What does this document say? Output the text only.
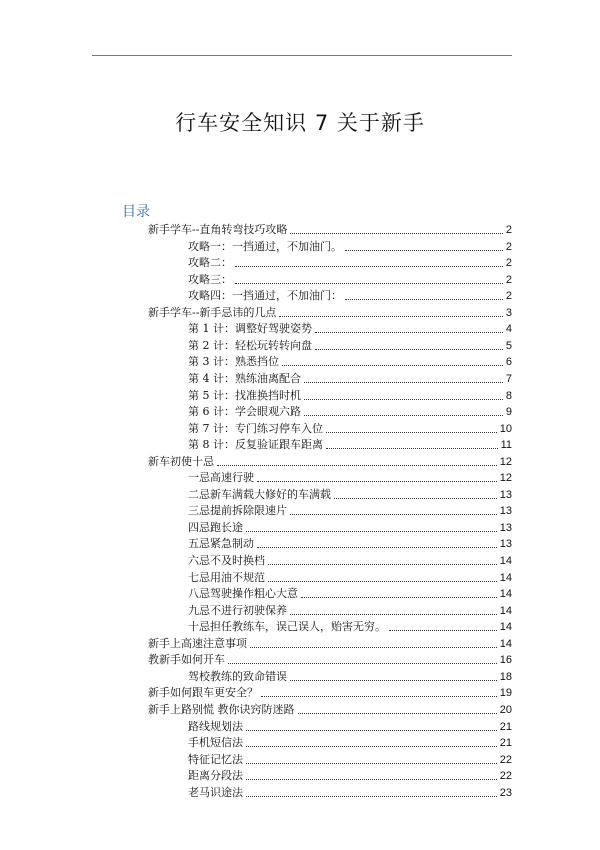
行车安全知识 7 关于新手
目录
新手学车--直角转弯技巧攻略	2
攻略一：一挡通过，不加油门。	2
攻略二：	2
攻略三：	2
攻略四：一挡通过，不加油门：	2
新手学车--新手忌讳的几点	3
第 1 计：调整好驾驶姿势	4
第 2 计：轻松玩转转向盘	5
第 3 计：熟悉挡位	6
第 4 计：熟练油离配合	7
第 5 计：找准换挡时机	8
第 6 计：学会眼观六路	9
第 7 计：专门练习停车入位	10
第 8 计：反复验证跟车距离	11
新车初使十忌	12
一忌高速行驶	12
二忌新车满载大修好的车满载	13
三忌提前拆除限速片	13
四忌跑长途	13
五忌紧急制动	13
六忌不及时换档	14
七忌用油不规范	14
八忌驾驶操作粗心大意	14
九忌不进行初驶保养	14
十忌担任教练车，误己误人，贻害无穷。	14
新手上高速注意事项	14
教新手如何开车	16
驾校教练的致命错误	18
新手如何跟车更安全？	19
新手上路别慌 教你诀窍防迷路	20
路线规划法	21
手机短信法	21
特征记忆法	22
距离分段法	22
老马识途法	23
